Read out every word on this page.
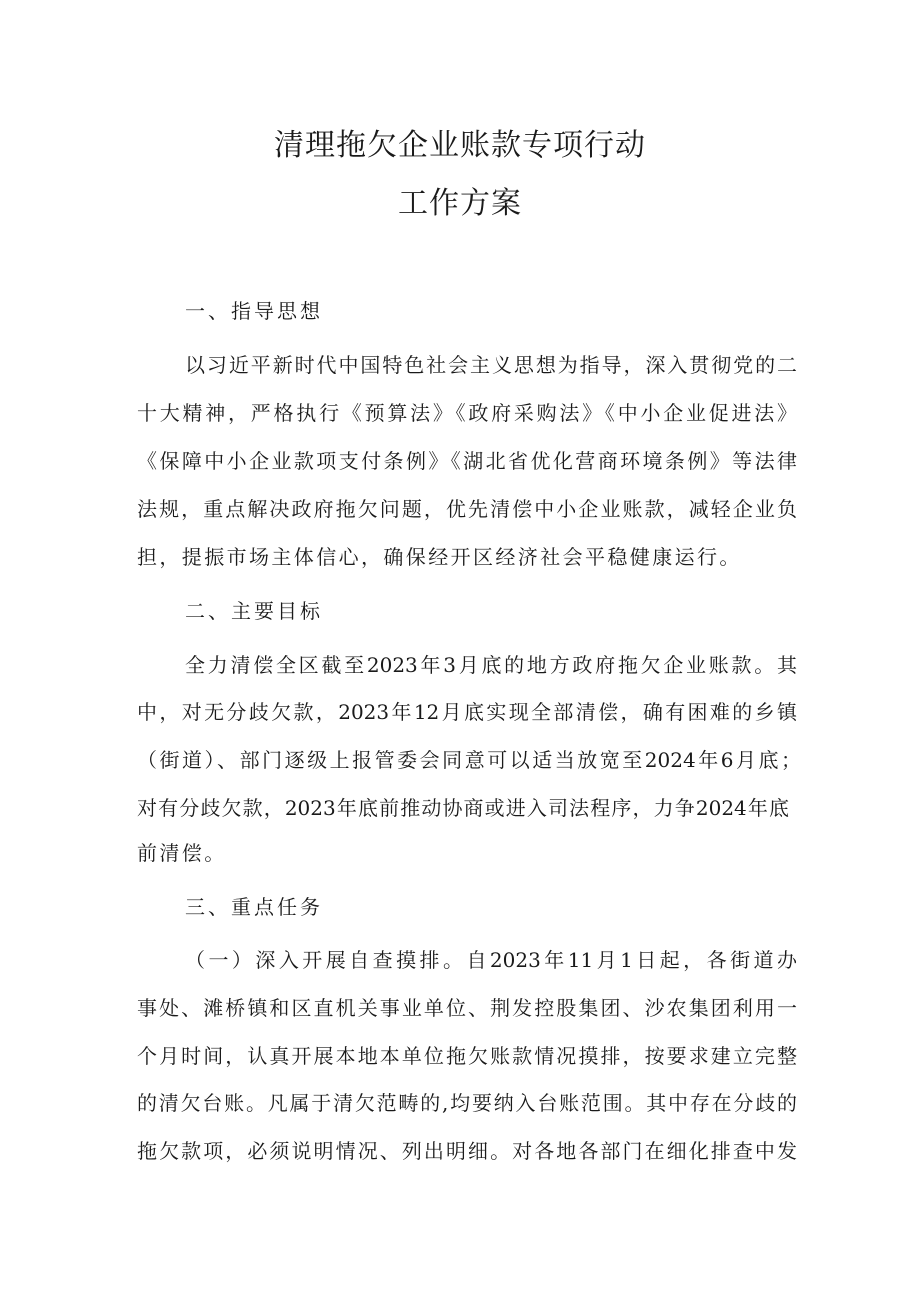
清理拖欠企业账款专项行动
工作方案
一、指导思想
以习近平新时代中国特色社会主义思想为指导，深入贯彻党的二
十大精神，严格执行《预算法》《政府采购法》《中小企业促进法》
《保障中小企业款项支付条例》《湖北省优化营商环境条例》等法律
法规，重点解决政府拖欠问题，优先清偿中小企业账款，减轻企业负
担，提振市场主体信心，确保经开区经济社会平稳健康运行。
二、主要目标
全力清偿全区截至2023年3月底的地方政府拖欠企业账款。其
中，对无分歧欠款，2023年12月底实现全部清偿，确有困难的乡镇
（街道）、部门逐级上报管委会同意可以适当放宽至2024年6月底；
对有分歧欠款，2023年底前推动协商或进入司法程序，力争2024年底
前清偿。
三、重点任务
（一）深入开展自查摸排。自2023年11月1日起，各街道办
事处、滩桥镇和区直机关事业单位、荆发控股集团、沙农集团利用一
个月时间，认真开展本地本单位拖欠账款情况摸排，按要求建立完整
的清欠台账。凡属于清欠范畴的,均要纳入台账范围。其中存在分歧的
拖欠款项，必须说明情况、列出明细。对各地各部门在细化排查中发
